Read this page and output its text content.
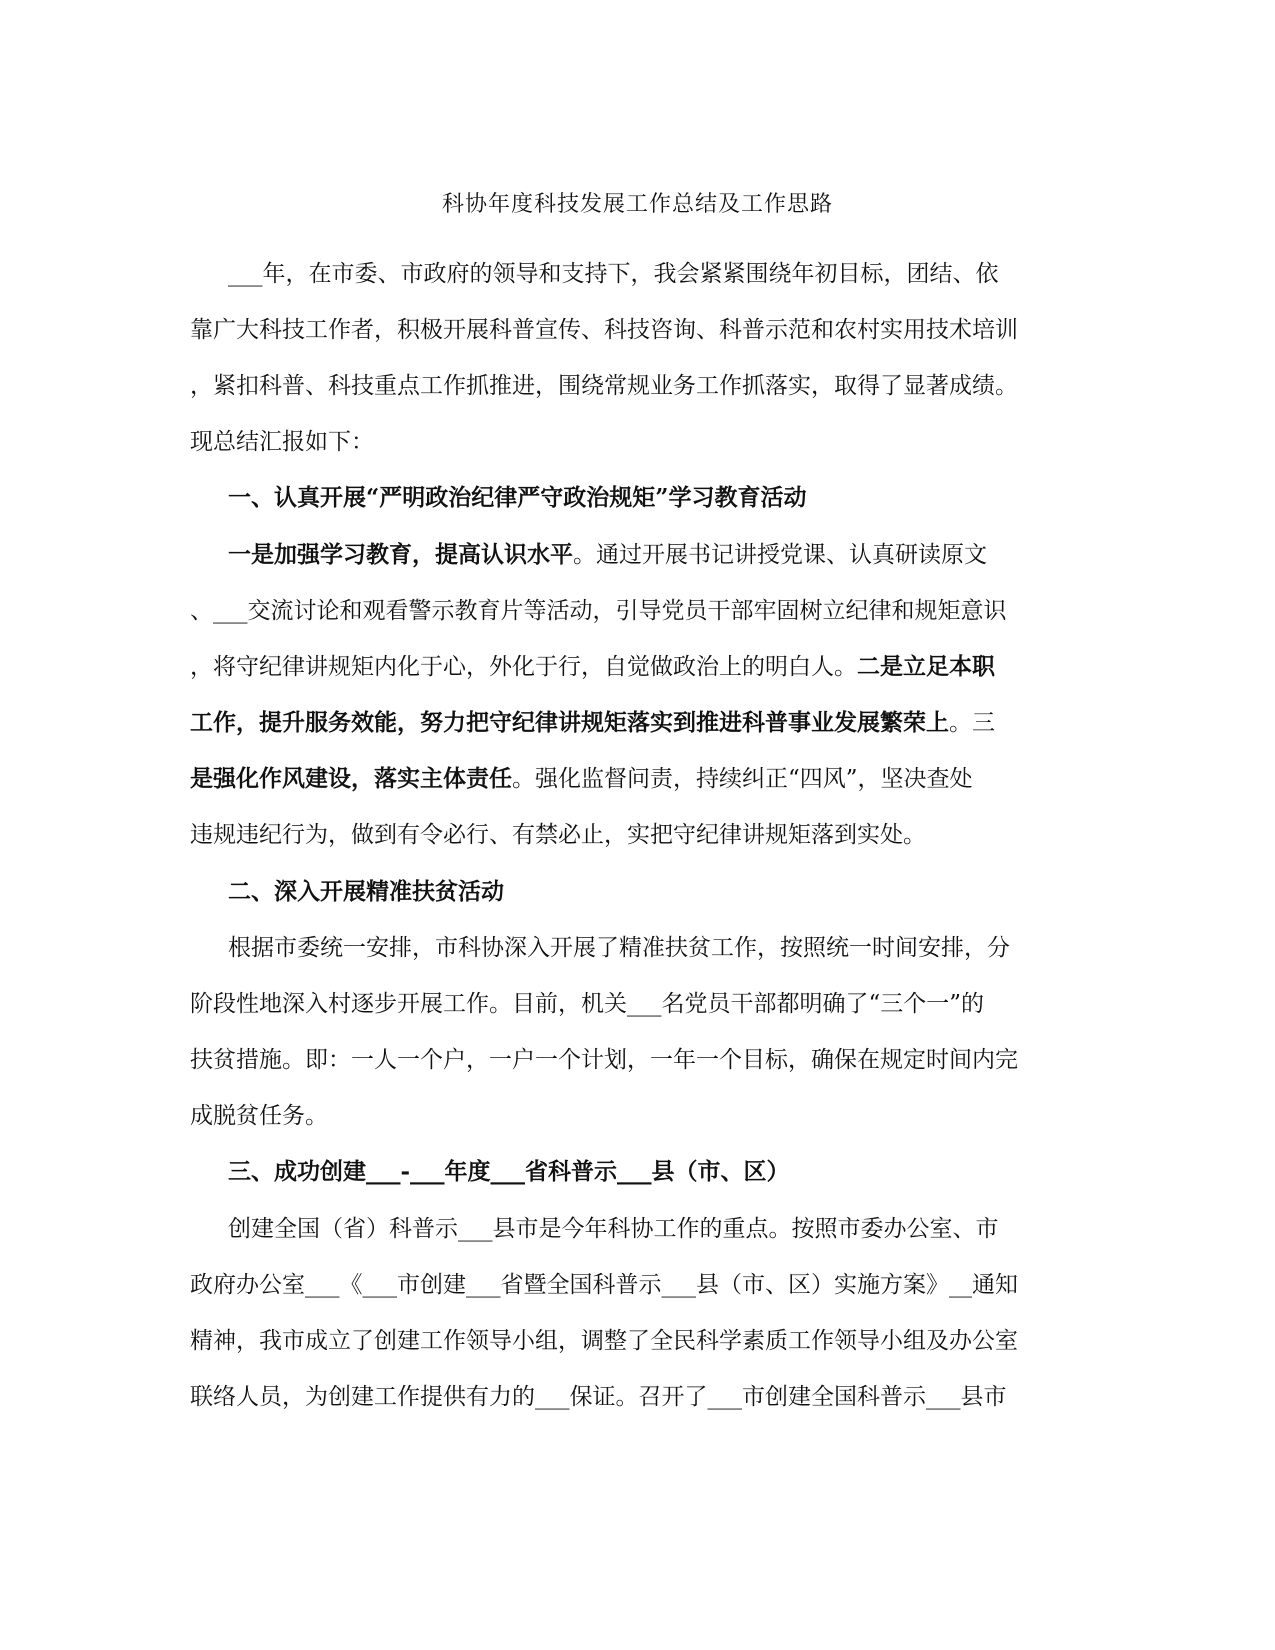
科协年度科技发展工作总结及工作思路
___年，在市委、市政府的领导和支持下，我会紧紧围绕年初目标，团结、依
靠广大科技工作者，积极开展科普宣传、科技咨询、科普示范和农村实用技术培训
，紧扣科普、科技重点工作抓推进，围绕常规业务工作抓落实，取得了显著成绩。
现总结汇报如下：
一、认真开展“严明政治纪律严守政治规矩”学习教育活动
一是加强学习教育，提高认识水平。通过开展书记讲授党课、认真研读原文
、___交流讨论和观看警示教育片等活动，引导党员干部牢固树立纪律和规矩意识
，将守纪律讲规矩内化于心，外化于行，自觉做政治上的明白人。二是立足本职
工作，提升服务效能，努力把守纪律讲规矩落实到推进科普事业发展繁荣上。三
是强化作风建设，落实主体责任。强化监督问责，持续纠正“四风”，坚决查处
违规违纪行为，做到有令必行、有禁必止，实把守纪律讲规矩落到实处。
二、深入开展精准扶贫活动
根据市委统一安排，市科协深入开展了精准扶贫工作，按照统一时间安排，分
阶段性地深入村逐步开展工作。目前，机关___名党员干部都明确了“三个一”的
扶贫措施。即：一人一个户，一户一个计划，一年一个目标，确保在规定时间内完
成脱贫任务。
三、成功创建___-___年度___省科普示___县（市、区）
创建全国（省）科普示___县市是今年科协工作的重点。按照市委办公室、市
政府办公室___《___市创建___省暨全国科普示___县（市、区）实施方案》__通知
精神，我市成立了创建工作领导小组，调整了全民科学素质工作领导小组及办公室
联络人员，为创建工作提供有力的___保证。召开了___市创建全国科普示___县市
